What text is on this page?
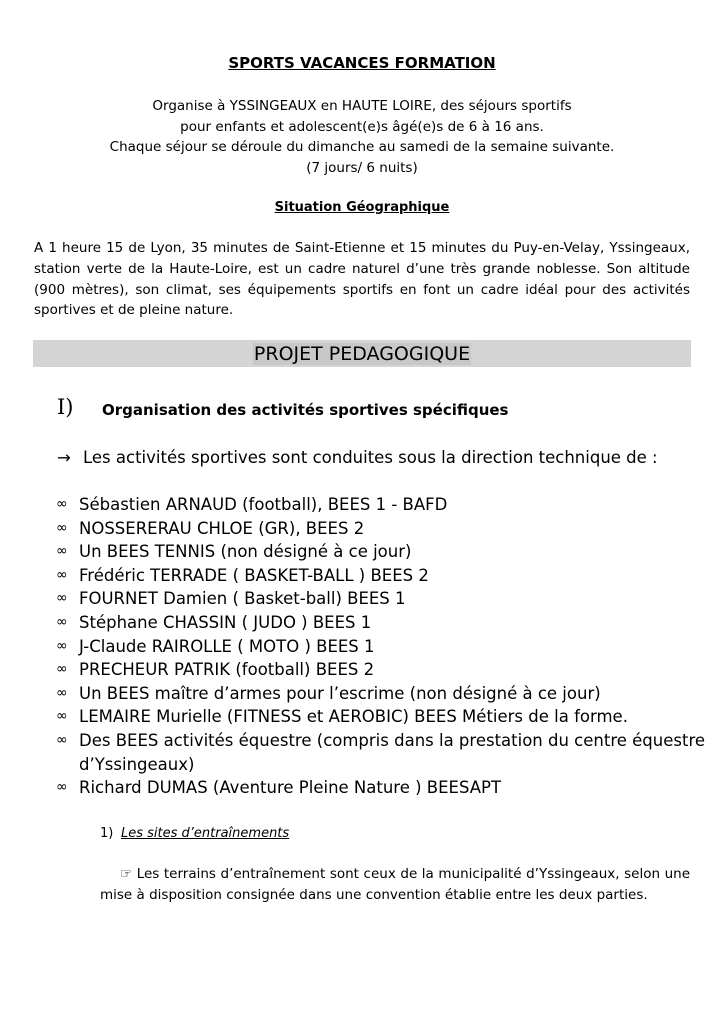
SPORTS VACANCES FORMATION
Organise à YSSINGEAUX en HAUTE LOIRE, des séjours sportifs
pour enfants et adolescent(e)s âgé(e)s de 6 à 16 ans.
Chaque séjour se déroule du dimanche au samedi de la semaine suivante.
(7 jours/ 6 nuits)
Situation Géographique
A 1 heure 15 de Lyon, 35 minutes de Saint-Etienne et 15 minutes du Puy-en-Velay, Yssingeaux,
station verte de la Haute-Loire, est un cadre naturel d’une très grande noblesse. Son altitude
(900 mètres), son climat, ses équipements sportifs en font un cadre idéal pour des activités
sportives et de pleine nature.
PROJET PEDAGOGIQUE
I) Organisation des activités sportives spécifiques
→ Les activités sportives sont conduites sous la direction technique de :
∞ Sébastien ARNAUD (football), BEES 1 - BAFD
∞ NOSSERERAU CHLOE (GR), BEES 2
∞ Un BEES TENNIS (non désigné à ce jour)
∞ Frédéric TERRADE ( BASKET-BALL ) BEES 2
∞ FOURNET Damien ( Basket-ball) BEES 1
∞ Stéphane CHASSIN ( JUDO ) BEES 1
∞ J-Claude RAIROLLE ( MOTO ) BEES 1
∞ PRECHEUR PATRIK (football) BEES 2
∞ Un BEES maître d’armes pour l’escrime (non désigné à ce jour)
∞ LEMAIRE Murielle (FITNESS et AEROBIC) BEES Métiers de la forme.
∞ Des BEES activités équestre (compris dans la prestation du centre équestre
d’Yssingeaux)
∞ Richard DUMAS (Aventure Pleine Nature ) BEESAPT
1) Les sites d’entraînements
☞ Les terrains d’entraînement sont ceux de la municipalité d’Yssingeaux, selon une
mise à disposition consignée dans une convention établie entre les deux parties.
